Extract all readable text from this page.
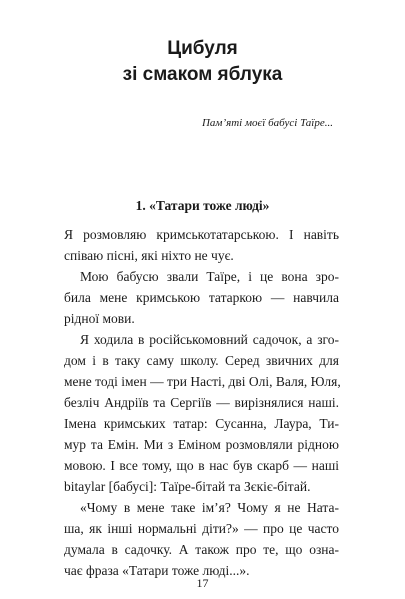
Цибуля
зі смаком яблука

Пам’яті моєї бабусі Таїре...

1. «Татари тоже люді»
Я розмовляю кримськотатарською. І навіть
співаю пісні, які ніхто не чує.
Мою бабусю звали Таїре, і це вона зро-
била мене кримською татаркою — навчила
рідної мови.
Я ходила в російськомовний садочок, а зго-
дом і в таку саму школу. Серед звичних для
мене тоді імен — три Насті, дві Олі, Валя, Юля,
безліч Андріїв та Сергіїв — вирізнялися наші.
Імена кримських татар: Сусанна, Лаура, Ти-
мур та Емін. Ми з Еміном розмовляли рідною
мовою. І все тому, що в нас був скарб — наші
bitaylar [бабусі]: Таїре-бітай та Зєкіє-бітай.
«Чому в мене таке ім’я? Чому я не Ната-
ша, як інші нормальні діти?» — про це часто
думала в садочку. А також про те, що озна-
чає фраза «Татари тоже люді...».

17
